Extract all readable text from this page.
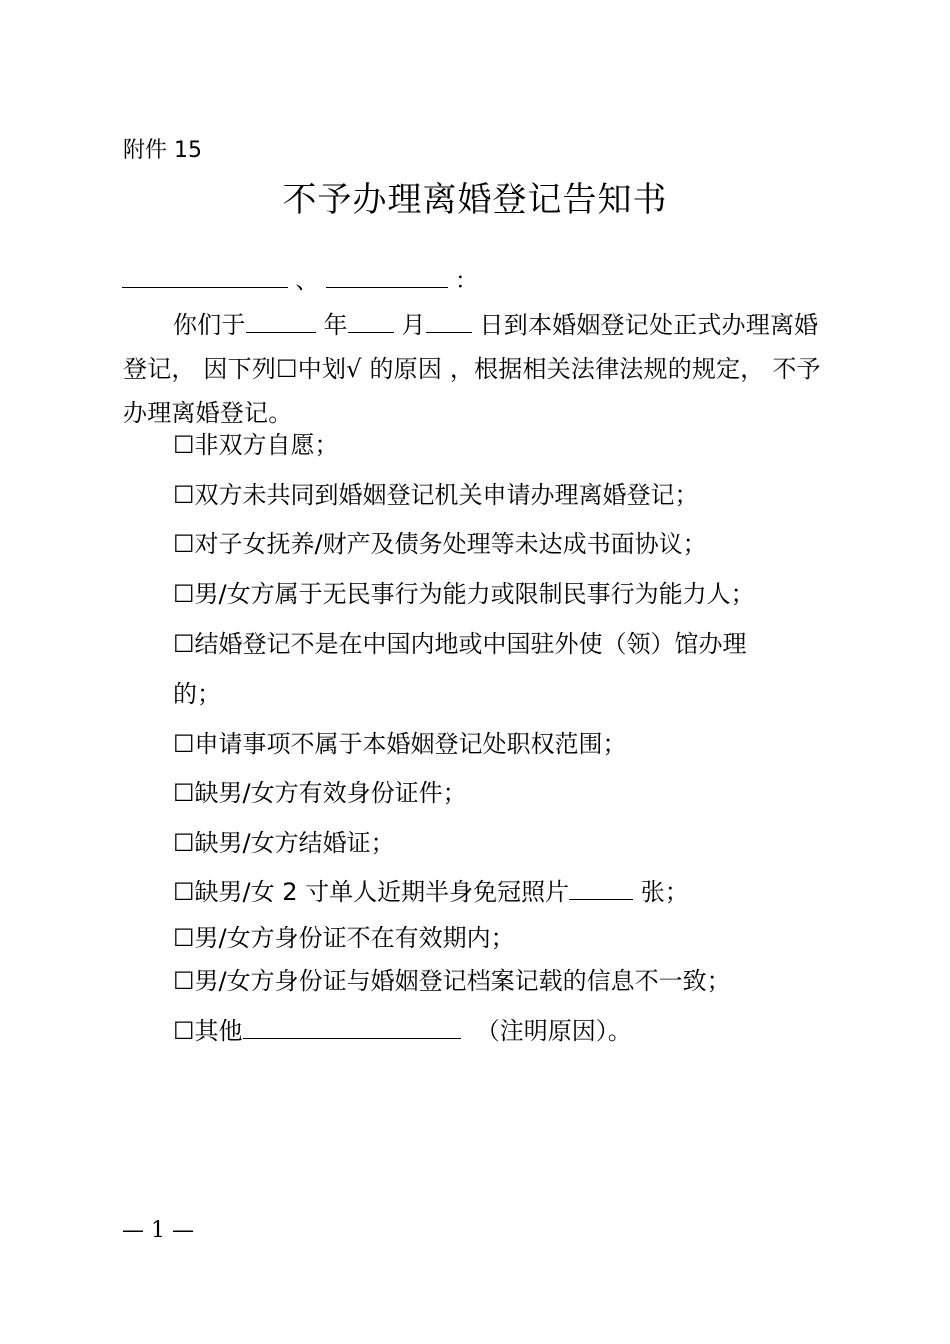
附件 15
不予办理离婚登记告知书
、	：
你们于	年 月 日到本婚姻登记处正式办理离婚登记， 因下列☐中划√ 的原因 ，根据相关法律法规的规定， 不予办理离婚登记。
☐非双方自愿；
☐双方未共同到婚姻登记机关申请办理离婚登记；
☐对子女抚养/财产及债务处理等未达成书面协议；
☐男/女方属于无民事行为能力或限制民事行为能力人；
☐结婚登记不是在中国内地或中国驻外使（领）馆办理
的；
☐申请事项不属于本婚姻登记处职权范围；
☐缺男/女方有效身份证件；
☐缺男/女方结婚证；
☐缺男/女 2 寸单人近期半身免冠照片	张；
☐男/女方身份证不在有效期内；
☐男/女方身份证与婚姻登记档案记载的信息不一致；
☐其他	（注明原因）。
— 1 —
